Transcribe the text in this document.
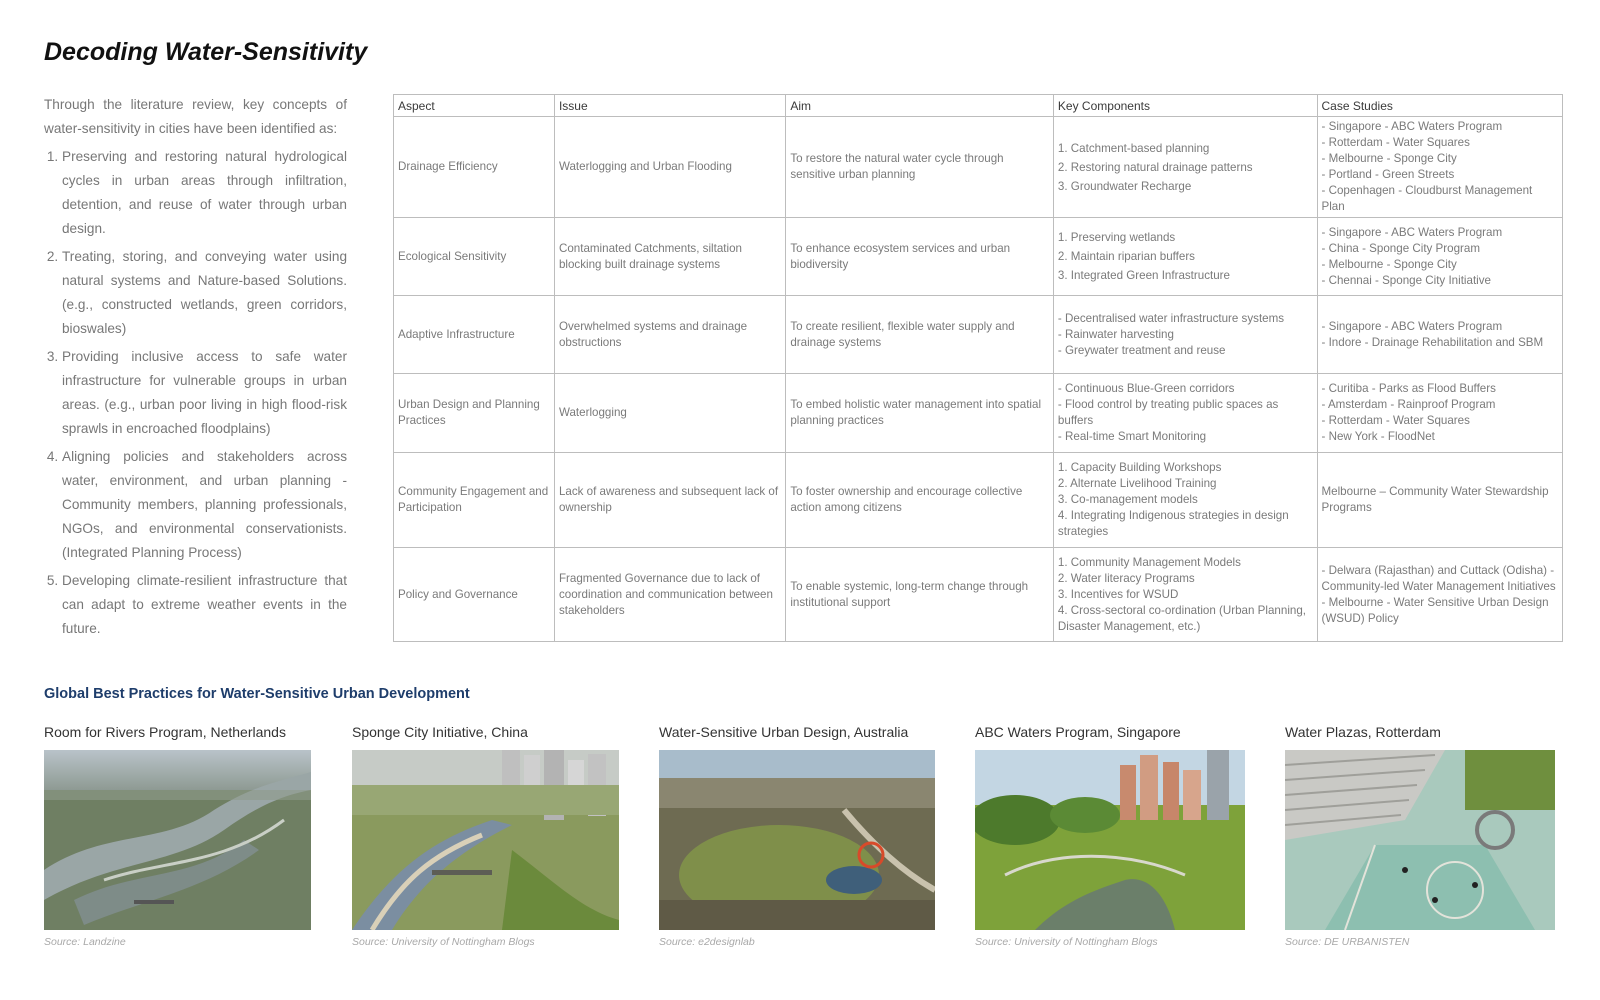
Decoding Water-Sensitivity

Through the literature review, key concepts of water-sensitivity in cities have been identified as:

1. Preserving and restoring natural hydrological cycles in urban areas through infiltration, detention, and reuse of water through urban design.
2. Treating, storing, and conveying water using natural systems and Nature-based Solutions. (e.g., constructed wetlands, green corridors, bioswales)
3. Providing inclusive access to safe water infrastructure for vulnerable groups in urban areas. (e.g., urban poor living in high flood-risk sprawls in encroached floodplains)
4. Aligning policies and stakeholders across water, environment, and urban planning - Community members, planning professionals, NGOs, and environmental conservationists. (Integrated Planning Process)
5. Developing climate-resilient infrastructure that can adapt to extreme weather events in the future.
Aspect	Issue	Aim	Key Components	Case Studies
Drainage Efficiency	Waterlogging and Urban Flooding	To restore the natural water cycle through sensitive urban planning	1. Catchment-based planning
2. Restoring natural drainage patterns
3. Groundwater Recharge	- Singapore - ABC Waters Program
- Rotterdam - Water Squares
- Melbourne - Sponge City
- Portland - Green Streets
- Copenhagen - Cloudburst Management Plan

Ecological Sensitivity	Contaminated Catchments, siltation blocking built drainage systems	To enhance ecosystem services and urban biodiversity	1. Preserving wetlands
2. Maintain riparian buffers
3. Integrated Green Infrastructure	- Singapore - ABC Waters Program
- China - Sponge City Program
- Melbourne - Sponge City
- Chennai - Sponge City Initiative

Adaptive Infrastructure	Overwhelmed systems and drainage obstructions	To create resilient, flexible water supply and drainage systems	- Decentralised water infrastructure systems
- Rainwater harvesting
- Greywater treatment and reuse	- Singapore - ABC Waters Program
- Indore - Drainage Rehabilitation and SBM

Urban Design and Planning Practices	Waterlogging	To embed holistic water management into spatial planning practices	- Continuous Blue-Green corridors
- Flood control by treating public spaces as buffers
- Real-time Smart Monitoring	- Curitiba - Parks as Flood Buffers
- Amsterdam - Rainproof Program
- Rotterdam - Water Squares
- New York - FloodNet

Community Engagement and Participation	Lack of awareness and subsequent lack of ownership	To foster ownership and encourage collective action among citizens	1. Capacity Building Workshops
2. Alternate Livelihood Training
3. Co-management models
4. Integrating Indigenous strategies in design strategies	Melbourne – Community Water Stewardship Programs

Policy and Governance	Fragmented Governance due to lack of coordination and communication between stakeholders	To enable systemic, long-term change through institutional support	1. Community Management Models
2. Water literacy Programs
3. Incentives for WSUD
4. Cross-sectoral co-ordination (Urban Planning, Disaster Management, etc.)	- Delwara (Rajasthan) and Cuttack (Odisha) - Community-led Water Management Initiatives
- Melbourne - Water Sensitive Urban Design (WSUD) Policy
Global Best Practices for Water-Sensitive Urban Development
Room for Rivers Program, Netherlands
Source: Landzine
Sponge City Initiative, China
Source: University of Nottingham Blogs
Water-Sensitive Urban Design, Australia
Source: e2designlab
ABC Waters Program, Singapore
Source: University of Nottingham Blogs
Water Plazas, Rotterdam
Source: DE URBANISTEN
